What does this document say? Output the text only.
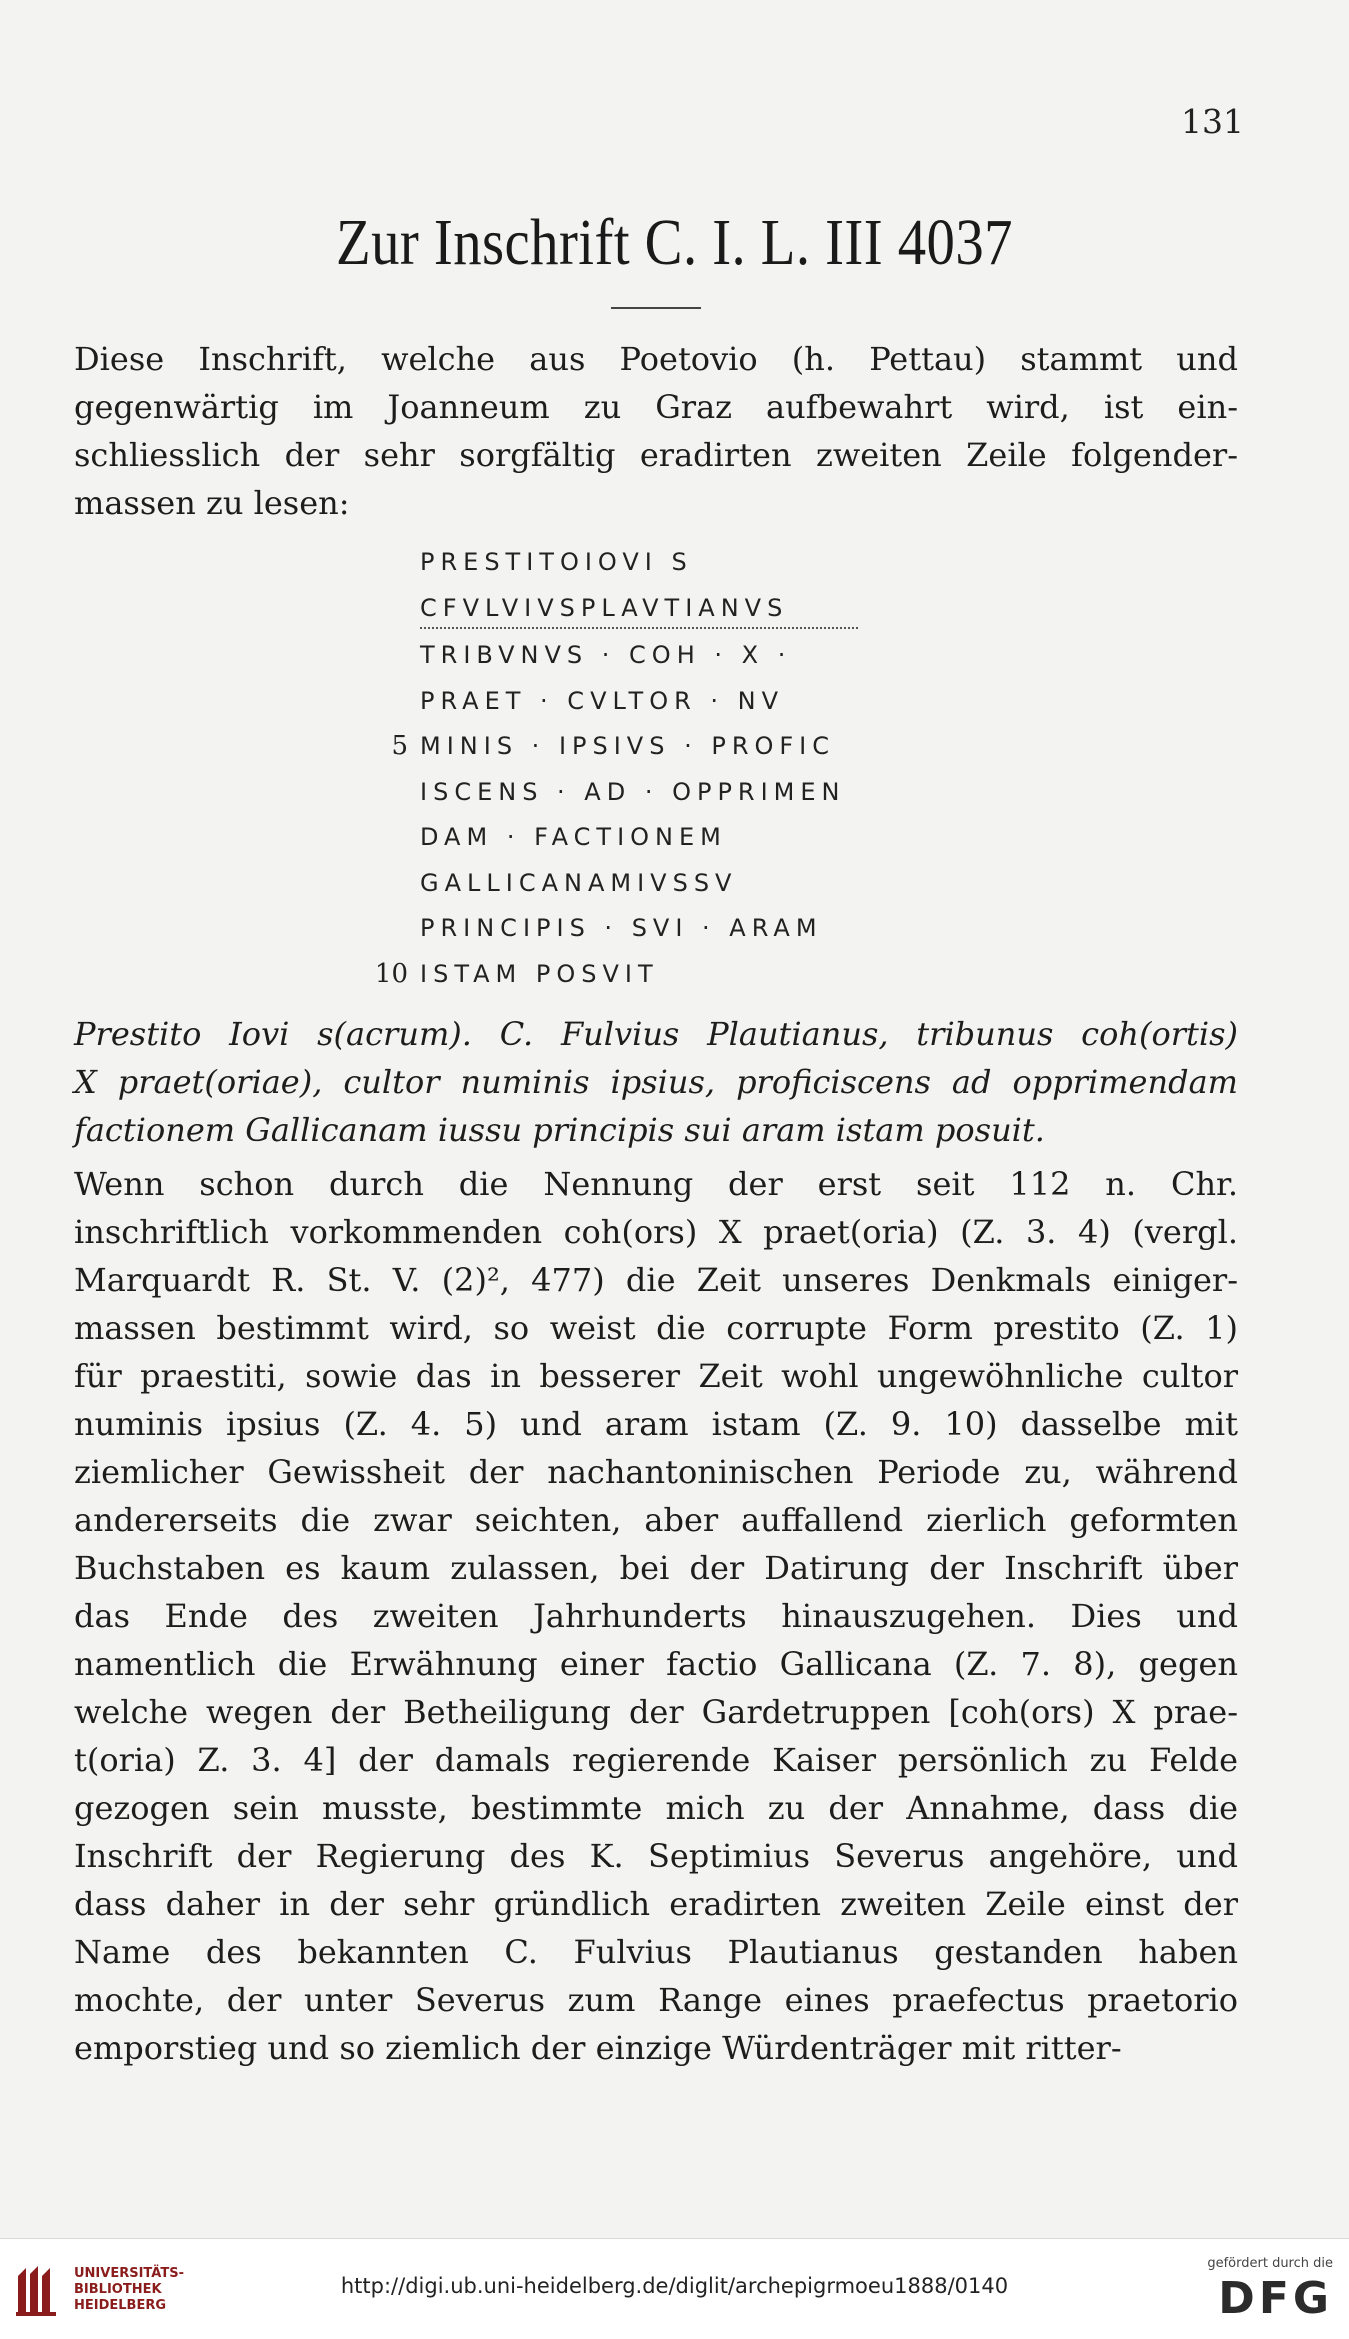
131
Zur Inschrift C. I. L. III 4037
Diese Inschrift, welche aus Poetovio (h. Pettau) stammt und
gegenwärtig im Joanneum zu Graz aufbewahrt wird, ist ein-
schliesslich der sehr sorgfältig eradirten zweiten Zeile folgender-
massen zu lesen:
PRESTITOIOVI S
CFVLVIVSPLAVTIANVS
TRIBVNVS · COH · X ·
PRAET · CVLTOR · NV
5 MINIS · IPSIVS · PROFIC
ISCENS · AD · OPPRIMEN
DAM · FACTIONEM
GALLICANAMIVSSV
PRINCIPIS · SVI · ARAM
10 ISTAM POSVIT
Prestito Iovi s(acrum). C. Fulvius Plautianus, tribunus coh(ortis)
X praet(oriae), cultor numinis ipsius, proficiscens ad opprimendam
factionem Gallicanam iussu principis sui aram istam posuit.
Wenn schon durch die Nennung der erst seit 112 n. Chr.
inschriftlich vorkommenden coh(ors) X praet(oria) (Z. 3. 4) (vergl.
Marquardt R. St. V. (2)², 477) die Zeit unseres Denkmals einiger-
massen bestimmt wird, so weist die corrupte Form prestito (Z. 1)
für praestiti, sowie das in besserer Zeit wohl ungewöhnliche cultor
numinis ipsius (Z. 4. 5) und aram istam (Z. 9. 10) dasselbe mit
ziemlicher Gewissheit der nachantoninischen Periode zu, während
andererseits die zwar seichten, aber auffallend zierlich geformten
Buchstaben es kaum zulassen, bei der Datirung der Inschrift über
das Ende des zweiten Jahrhunderts hinauszugehen. Dies und
namentlich die Erwähnung einer factio Gallicana (Z. 7. 8), gegen
welche wegen der Betheiligung der Gardetruppen [coh(ors) X prae-
t(oria) Z. 3. 4] der damals regierende Kaiser persönlich zu Felde
gezogen sein musste, bestimmte mich zu der Annahme, dass die
Inschrift der Regierung des K. Septimius Severus angehöre, und
dass daher in der sehr gründlich eradirten zweiten Zeile einst der
Name des bekannten C. Fulvius Plautianus gestanden haben
mochte, der unter Severus zum Range eines praefectus praetorio
emporstieg und so ziemlich der einzige Würdenträger mit ritter-
UNIVERSITÄTS-
BIBLIOTHEK
HEIDELBERG
http://digi.ub.uni-heidelberg.de/diglit/archepigrmoeu1888/0140
gefördert durch die
DFG
